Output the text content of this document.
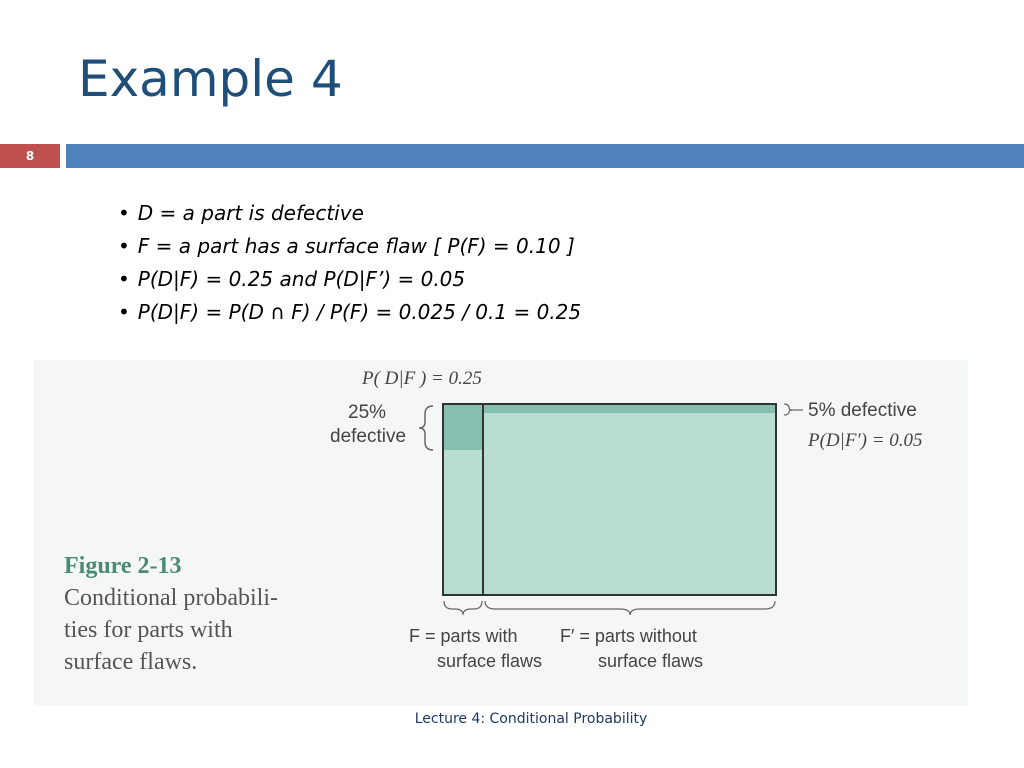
Example 4
8
• D = a part is defective
• F = a part has a surface flaw [ P(F) = 0.10 ]
• P(D|F) = 0.25 and P(D|F’) = 0.05
• P(D|F) = P(D ∩ F) / P(F) = 0.025 / 0.1 = 0.25
P( D|F ) = 0.25
25%
defective
5% defective
P(D|F′) = 0.05
F = parts with
surface flaws
F′ = parts without
surface flaws
Figure 2-13
Conditional probabili-
ties for parts with
surface flaws.
Lecture 4: Conditional Probability
